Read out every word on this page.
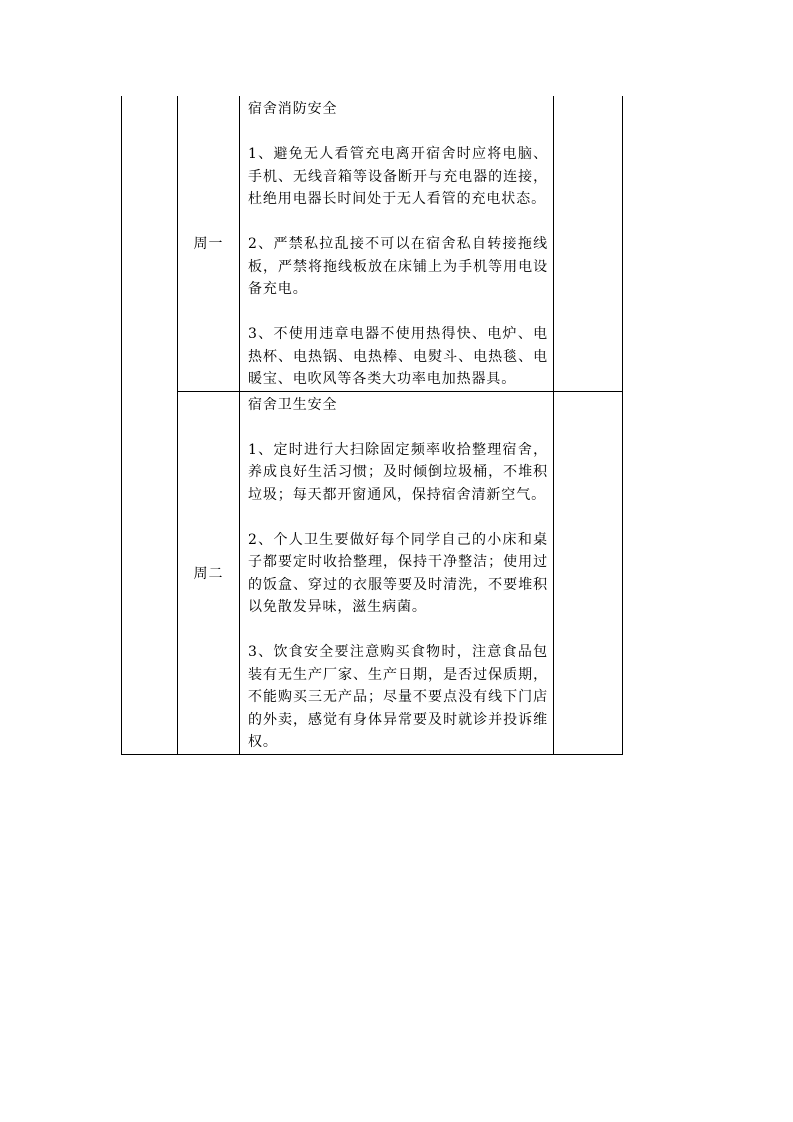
	周一	宿舍消防安全
1、避免无人看管充电离开宿舍时应将电脑、手机、无线音箱等设备断开与充电器的连接，杜绝用电器长时间处于无人看管的充电状态。
2、严禁私拉乱接不可以在宿舍私自转接拖线板，严禁将拖线板放在床铺上为手机等用电设备充电。
3、不使用违章电器不使用热得快、电炉、电热杯、电热锅、电热棒、电熨斗、电热毯、电暖宝、电吹风等各类大功率电加热器具。	

	周二	宿舍卫生安全
1、定时进行大扫除固定频率收拾整理宿舍，养成良好生活习惯；及时倾倒垃圾桶，不堆积垃圾；每天都开窗通风，保持宿舍清新空气。
2、个人卫生要做好每个同学自己的小床和桌子都要定时收拾整理，保持干净整洁；使用过的饭盒、穿过的衣服等要及时清洗，不要堆积以免散发异味，滋生病菌。
3、饮食安全要注意购买食物时，注意食品包装有无生产厂家、生产日期，是否过保质期，不能购买三无产品；尽量不要点没有线下门店的外卖，感觉有身体异常要及时就诊并投诉维权。	
